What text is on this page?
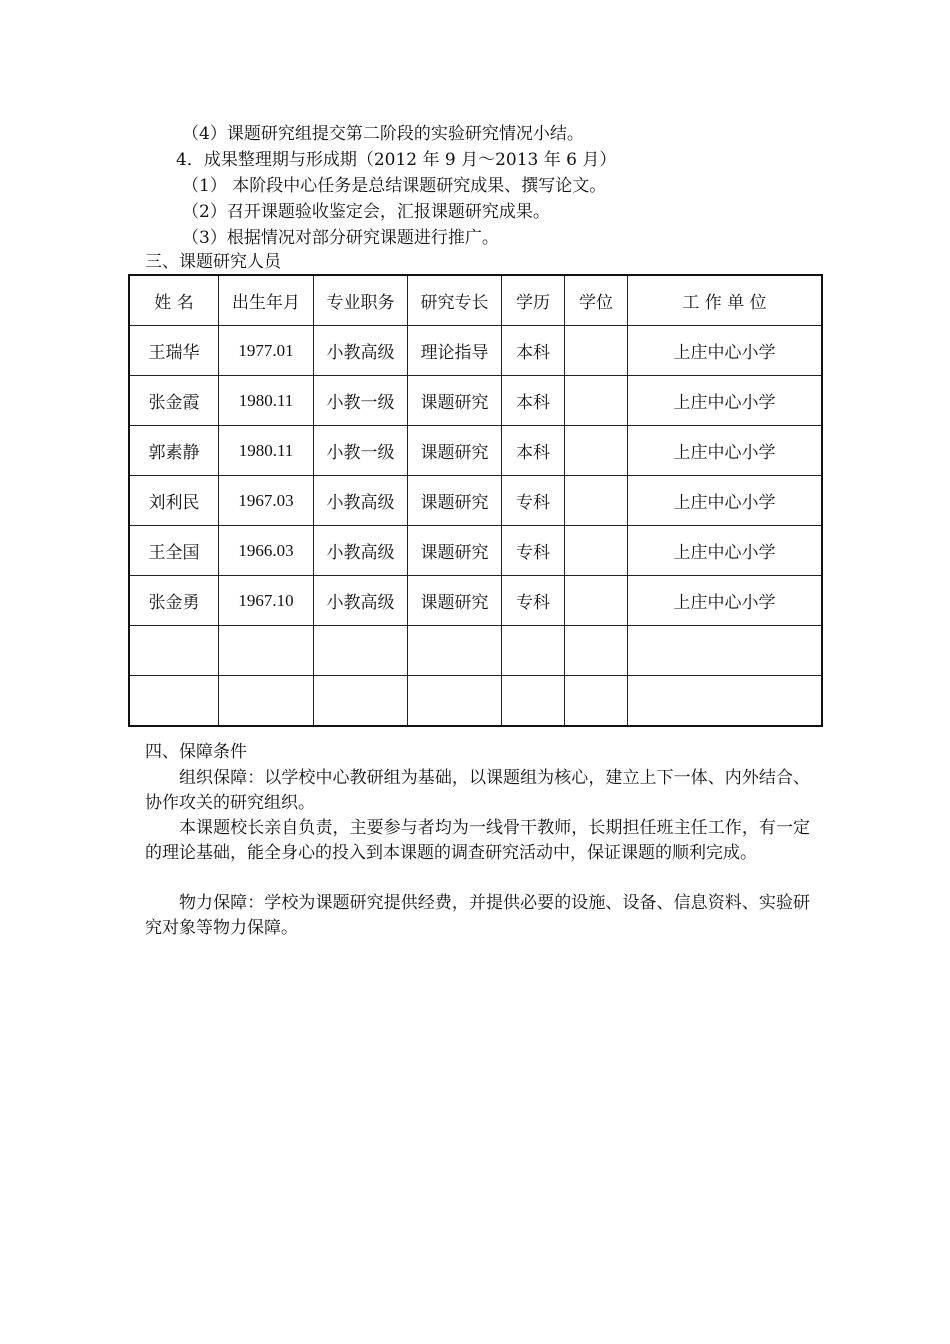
（4）课题研究组提交第二阶段的实验研究情况小结。
4．成果整理期与形成期（2012 年 9 月～2013 年 6 月）
（1） 本阶段中心任务是总结课题研究成果、撰写论文。
（2）召开课题验收鉴定会，汇报课题研究成果。
（3）根据情况对部分研究课题进行推广。
三、课题研究人员
姓 名	出生年月	专业职务	研究专长	学历	学位	工 作 单 位
王瑞华	1977.01	小教高级	理论指导	本科		上庄中心小学
张金霞	1980.11	小教一级	课题研究	本科		上庄中心小学
郭素静	1980.11	小教一级	课题研究	本科		上庄中心小学
刘利民	1967.03	小教高级	课题研究	专科		上庄中心小学
王全国	1966.03	小教高级	课题研究	专科		上庄中心小学
张金勇	1967.10	小教高级	课题研究	专科		上庄中心小学

四、保障条件
组织保障：以学校中心教研组为基础，以课题组为核心，建立上下一体、内外结合、协作攻关的研究组织。
本课题校长亲自负责，主要参与者均为一线骨干教师，长期担任班主任工作，有一定的理论基础，能全身心的投入到本课题的调查研究活动中，保证课题的顺利完成。
物力保障：学校为课题研究提供经费，并提供必要的设施、设备、信息资料、实验研究对象等物力保障。
